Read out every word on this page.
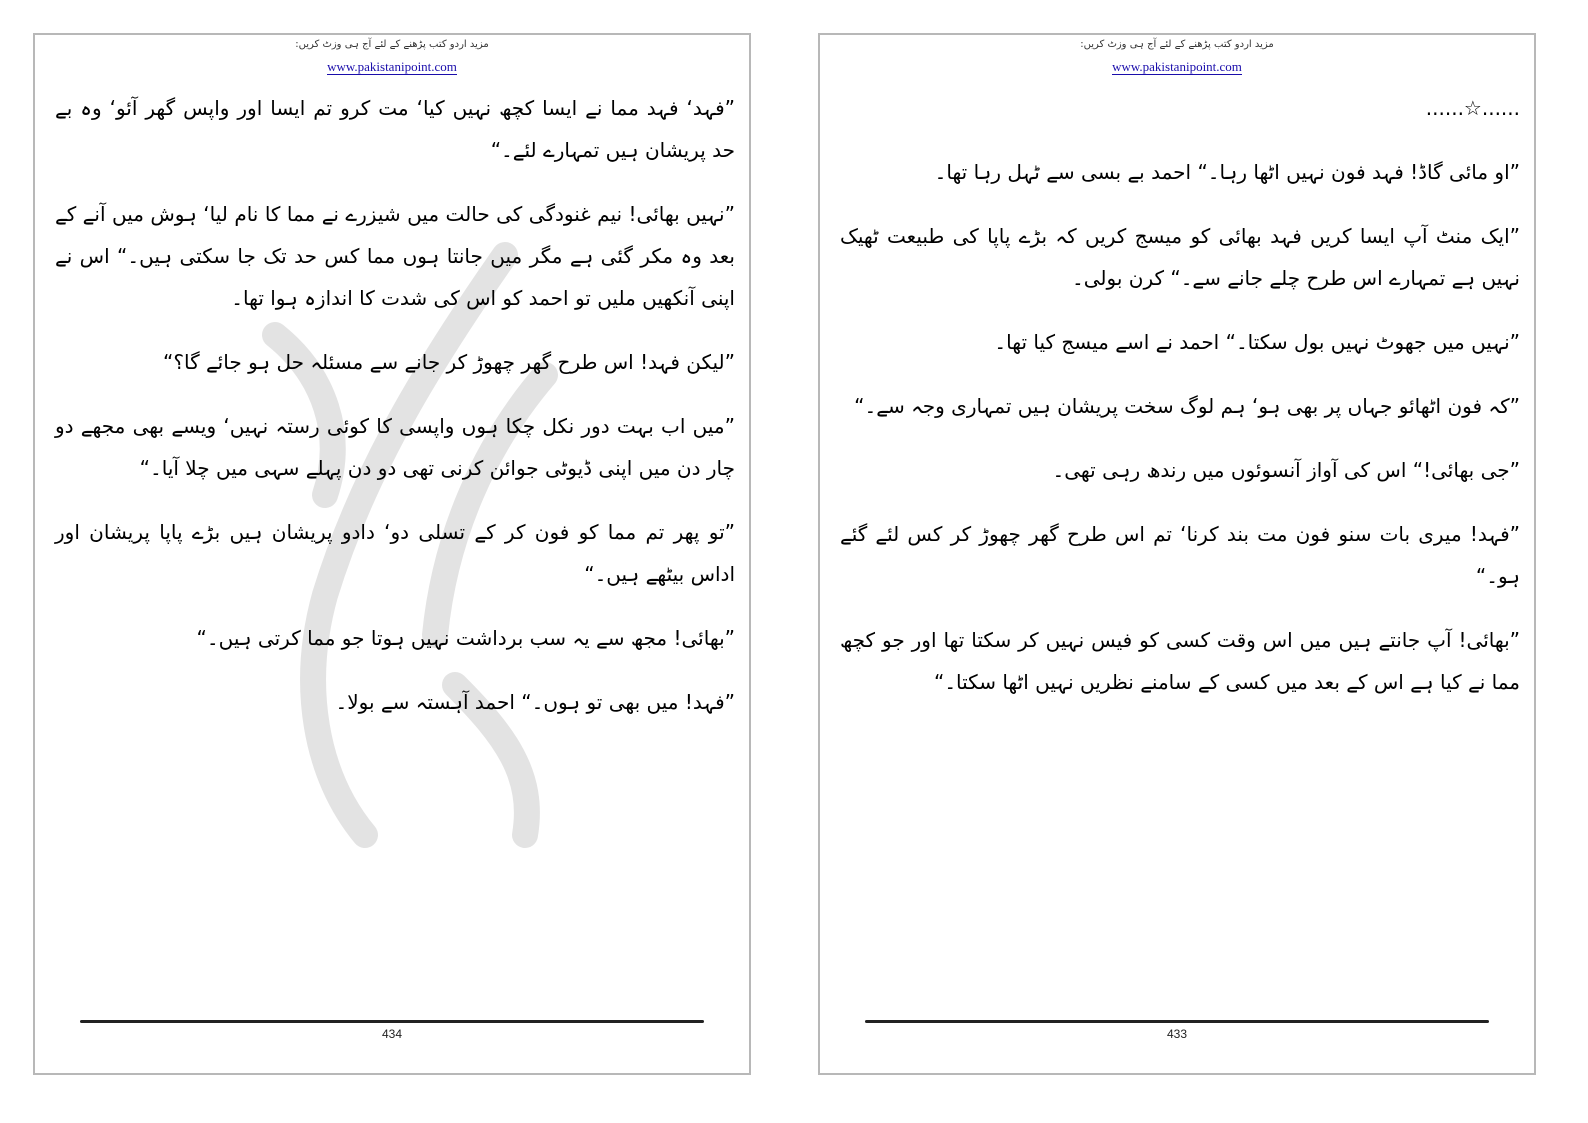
مزید اردو کتب پڑھنے کے لئے آج ہی وزٹ کریں:
www.pakistanipoint.com

”فہد‘ فہد مما نے ایسا کچھ نہیں کیا‘ مت کرو تم ایسا اور واپس گھر آئو‘ وہ بے حد پریشان ہیں تمہارے لئے۔“

”نہیں بھائی! نیم غنودگی کی حالت میں شیزرے نے مما کا نام لیا‘ ہوش میں آنے کے بعد وہ مکر گئی ہے مگر میں جانتا ہوں مما کس حد تک جا سکتی ہیں۔“ اس نے اپنی آنکھیں ملیں تو احمد کو اس کی شدت کا اندازہ ہوا تھا۔

”لیکن فہد! اس طرح گھر چھوڑ کر جانے سے مسئلہ حل ہو جائے گا؟“

”میں اب بہت دور نکل چکا ہوں واپسی کا کوئی رستہ نہیں‘ ویسے بھی مجھے دو چار دن میں اپنی ڈیوٹی جوائن کرنی تھی دو دن پہلے سہی میں چلا آیا۔“

”تو پھر تم مما کو فون کر کے تسلی دو‘ دادو پریشان ہیں بڑے پاپا پریشان اور اداس بیٹھے ہیں۔“

”بھائی! مجھ سے یہ سب برداشت نہیں ہوتا جو مما کرتی ہیں۔“

”فہد! میں بھی تو ہوں۔“ احمد آہستہ سے بولا۔

434
مزید اردو کتب پڑھنے کے لئے آج ہی وزٹ کریں:
www.pakistanipoint.com

......☆......

”او مائی گاڈ! فہد فون نہیں اٹھا رہا۔“ احمد بے بسی سے ٹہل رہا تھا۔

”ایک منٹ آپ ایسا کریں فہد بھائی کو میسج کریں کہ بڑے پاپا کی طبیعت ٹھیک نہیں ہے تمہارے اس طرح چلے جانے سے۔“ کرن بولی۔

”نہیں میں جھوٹ نہیں بول سکتا۔“ احمد نے اسے میسج کیا تھا۔

”کہ فون اٹھائو جہاں پر بھی ہو‘ ہم لوگ سخت پریشان ہیں تمہاری وجہ سے۔“

”جی بھائی!“ اس کی آواز آنسوئوں میں رندھ رہی تھی۔

”فہد! میری بات سنو فون مت بند کرنا‘ تم اس طرح گھر چھوڑ کر کس لئے گئے ہو۔“

”بھائی! آپ جانتے ہیں میں اس وقت کسی کو فیس نہیں کر سکتا تھا اور جو کچھ مما نے کیا ہے اس کے بعد میں کسی کے سامنے نظریں نہیں اٹھا سکتا۔“

433
